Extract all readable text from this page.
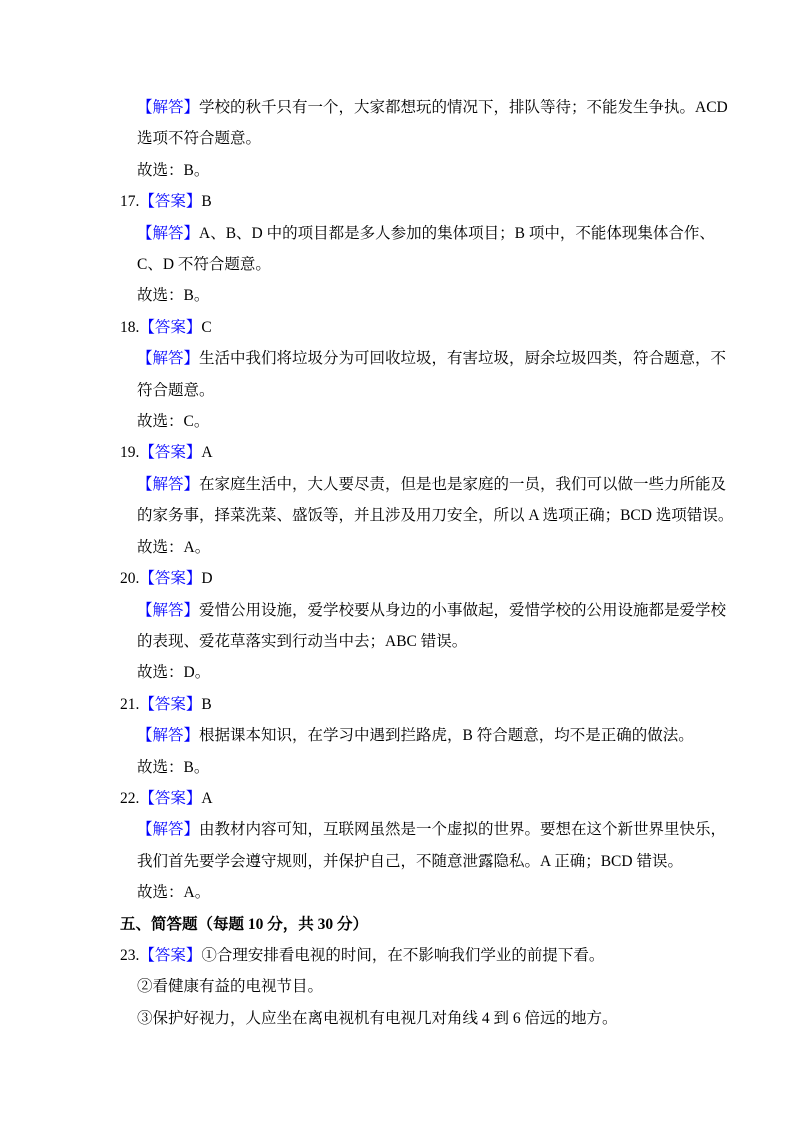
【解答】学校的秋千只有一个，大家都想玩的情况下，排队等待；不能发生争执。ACD
选项不符合题意。
故选：B。
17.【答案】B
【解答】A、B、D 中的项目都是多人参加的集体项目；B 项中，不能体现集体合作、
C、D 不符合题意。
故选：B。
18.【答案】C
【解答】生活中我们将垃圾分为可回收垃圾，有害垃圾，厨余垃圾四类，符合题意，不
符合题意。
故选：C。
19.【答案】A
【解答】在家庭生活中，大人要尽责，但是也是家庭的一员，我们可以做一些力所能及
的家务事，择菜洗菜、盛饭等，并且涉及用刀安全，所以 A 选项正确；BCD 选项错误。
故选：A。
20.【答案】D
【解答】爱惜公用设施，爱学校要从身边的小事做起，爱惜学校的公用设施都是爱学校
的表现、爱花草落实到行动当中去；ABC 错误。
故选：D。
21.【答案】B
【解答】根据课本知识，在学习中遇到拦路虎，B 符合题意，均不是正确的做法。
故选：B。
22.【答案】A
【解答】由教材内容可知，互联网虽然是一个虚拟的世界。要想在这个新世界里快乐，
我们首先要学会遵守规则，并保护自己，不随意泄露隐私。A 正确；BCD 错误。
故选：A。
五、简答题（每题 10 分，共 30 分）
23.【答案】①合理安排看电视的时间，在不影响我们学业的前提下看。
②看健康有益的电视节目。
③保护好视力，人应坐在离电视机有电视几对角线 4 到 6 倍远的地方。
